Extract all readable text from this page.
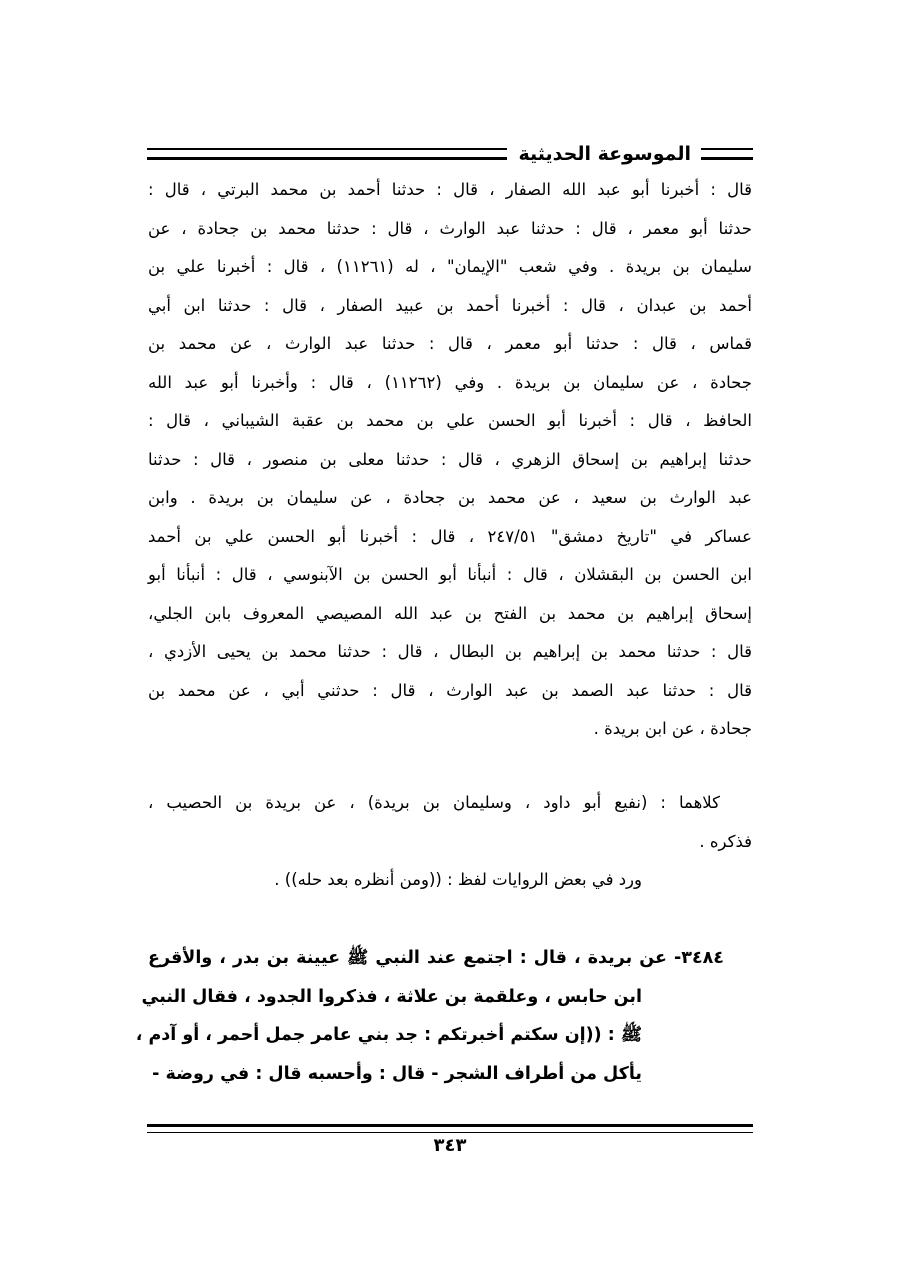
الموسوعة الحديثية
قال : أخبرنا أبو عبد الله الصفار ، قال : حدثنا أحمد بن محمد البرتي ، قال :
حدثنا أبو معمر ، قال : حدثنا عبد الوارث ، قال : حدثنا محمد بن جحادة ، عن
سليمان بن بريدة . وفي شعب "الإيمان" ، له (١١٢٦١) ، قال : أخبرنا علي بن
أحمد بن عبدان ، قال : أخبرنا أحمد بن عبيد الصفار ، قال : حدثنا ابن أبي
قماس ، قال : حدثنا أبو معمر ، قال : حدثنا عبد الوارث ، عن محمد بن
جحادة ، عن سليمان بن بريدة . وفي (١١٢٦٢) ، قال : وأخبرنا أبو عبد الله
الحافظ ، قال : أخبرنا أبو الحسن علي بن محمد بن عقبة الشيباني ، قال :
حدثنا إبراهيم بن إسحاق الزهري ، قال : حدثنا معلى بن منصور ، قال : حدثنا
عبد الوارث بن سعيد ، عن محمد بن جحادة ، عن سليمان بن بريدة . وابن
عساكر في "تاريخ دمشق" ٢٤٧/٥١ ، قال : أخبرنا أبو الحسن علي بن أحمد
ابن الحسن بن البقشلان ، قال : أنبأنا أبو الحسن بن الآبنوسي ، قال : أنبأنا أبو
إسحاق إبراهيم بن محمد بن الفتح بن عبد الله المصيصي المعروف بابن الجلي،
قال : حدثنا محمد بن إبراهيم بن البطال ، قال : حدثنا محمد بن يحيى الأزدي ،
قال : حدثنا عبد الصمد بن عبد الوارث ، قال : حدثني أبي ، عن محمد بن
جحادة ، عن ابن بريدة .
كلاهما : (نفيع أبو داود ، وسليمان بن بريدة) ، عن بريدة بن الحصيب ،
فذكره .
ورد في بعض الروايات لفظ : ((ومن أنظره بعد حله)) .
٣٤٨٤- عن بريدة ، قال : اجتمع عند النبي ﷺ عيينة بن بدر ، والأقرع
ابن حابس ، وعلقمة بن علاثة ، فذكروا الجدود ، فقال النبي
ﷺ : ((إن سكتم أخبرتكم : جد بني عامر جمل أحمر ، أو آدم ،
يأكل من أطراف الشجر - قال : وأحسبه قال : في روضة -
٣٤٣
